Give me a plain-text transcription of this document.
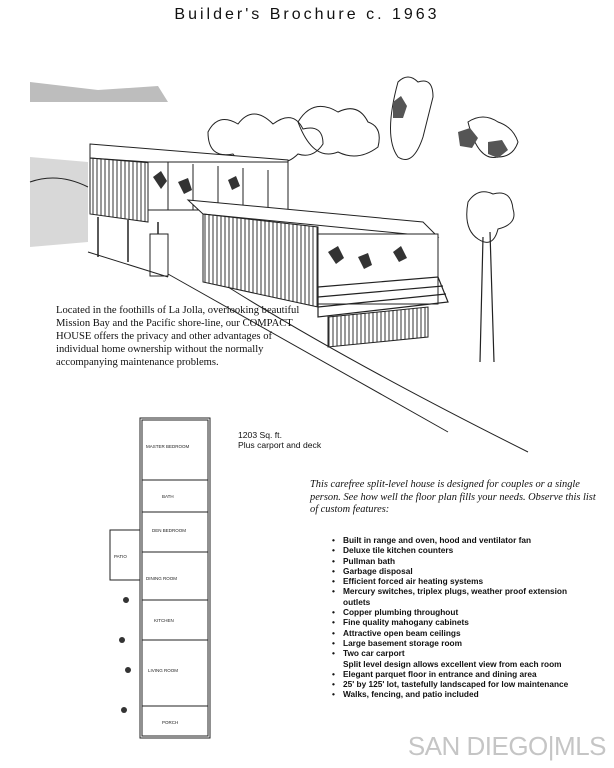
Builder's Brochure c. 1963
Located in the foothills of La Jolla, overlooking beautiful Mission Bay and the Pacific shore-line, our COMPACT HOUSE offers the privacy and other advantages of individual home ownership without the normally accompanying maintenance problems.
MASTER BEDROOM
BATH
DEN BEDROOM
PATIO
DINING ROOM
KITCHEN
LIVING ROOM
PORCH
1203 Sq. ft.
Plus carport and deck
This carefree split-level house is designed for couples or a single person. See how well the floor plan fills your needs. Observe this list of custom features:
• Built in range and oven, hood and ventilator fan
• Deluxe tile kitchen counters
• Pullman bath
• Garbage disposal
• Efficient forced air heating systems
• Mercury switches, triplex plugs, weather proof extension outlets
• Copper plumbing throughout
• Fine quality mahogany cabinets
• Attractive open beam ceilings
• Large basement storage room
• Two car carport
Split level design allows excellent view from each room
• Elegant parquet floor in entrance and dining area
• 25' by 125' lot, tastefully landscaped for low maintenance
• Walks, fencing, and patio included
SAN DIEGO|MLS
